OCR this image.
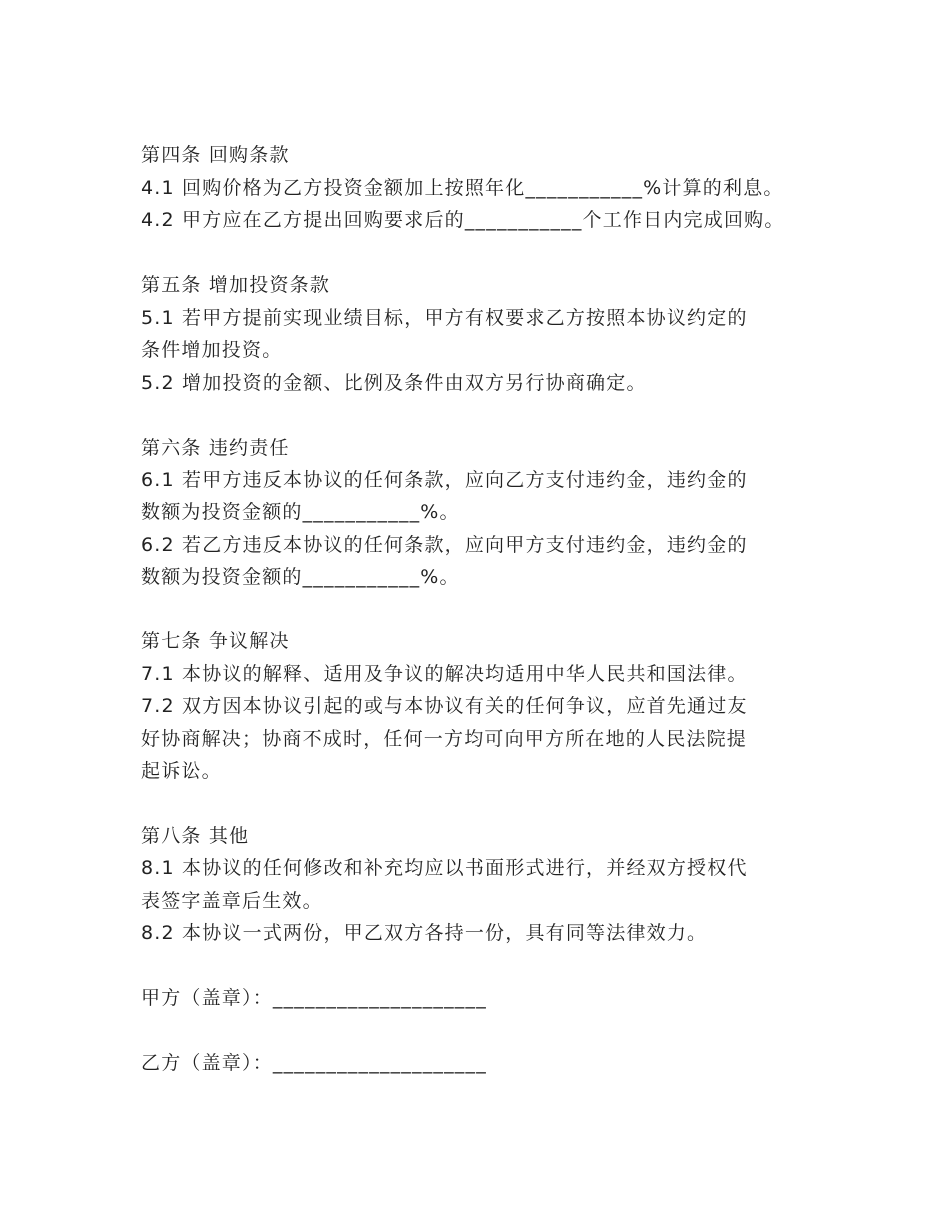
第四条 回购条款
4.1 回购价格为乙方投资金额加上按照年化___________%计算的利息。
4.2 甲方应在乙方提出回购要求后的___________个工作日内完成回购。
第五条 增加投资条款
5.1 若甲方提前实现业绩目标，甲方有权要求乙方按照本协议约定的
条件增加投资。
5.2 增加投资的金额、比例及条件由双方另行协商确定。
第六条 违约责任
6.1 若甲方违反本协议的任何条款，应向乙方支付违约金，违约金的
数额为投资金额的___________%。
6.2 若乙方违反本协议的任何条款，应向甲方支付违约金，违约金的
数额为投资金额的___________%。
第七条 争议解决
7.1 本协议的解释、适用及争议的解决均适用中华人民共和国法律。
7.2 双方因本协议引起的或与本协议有关的任何争议，应首先通过友
好协商解决；协商不成时，任何一方均可向甲方所在地的人民法院提
起诉讼。
第八条 其他
8.1 本协议的任何修改和补充均应以书面形式进行，并经双方授权代
表签字盖章后生效。
8.2 本协议一式两份，甲乙双方各持一份，具有同等法律效力。
甲方（盖章）：____________________
乙方（盖章）：____________________
